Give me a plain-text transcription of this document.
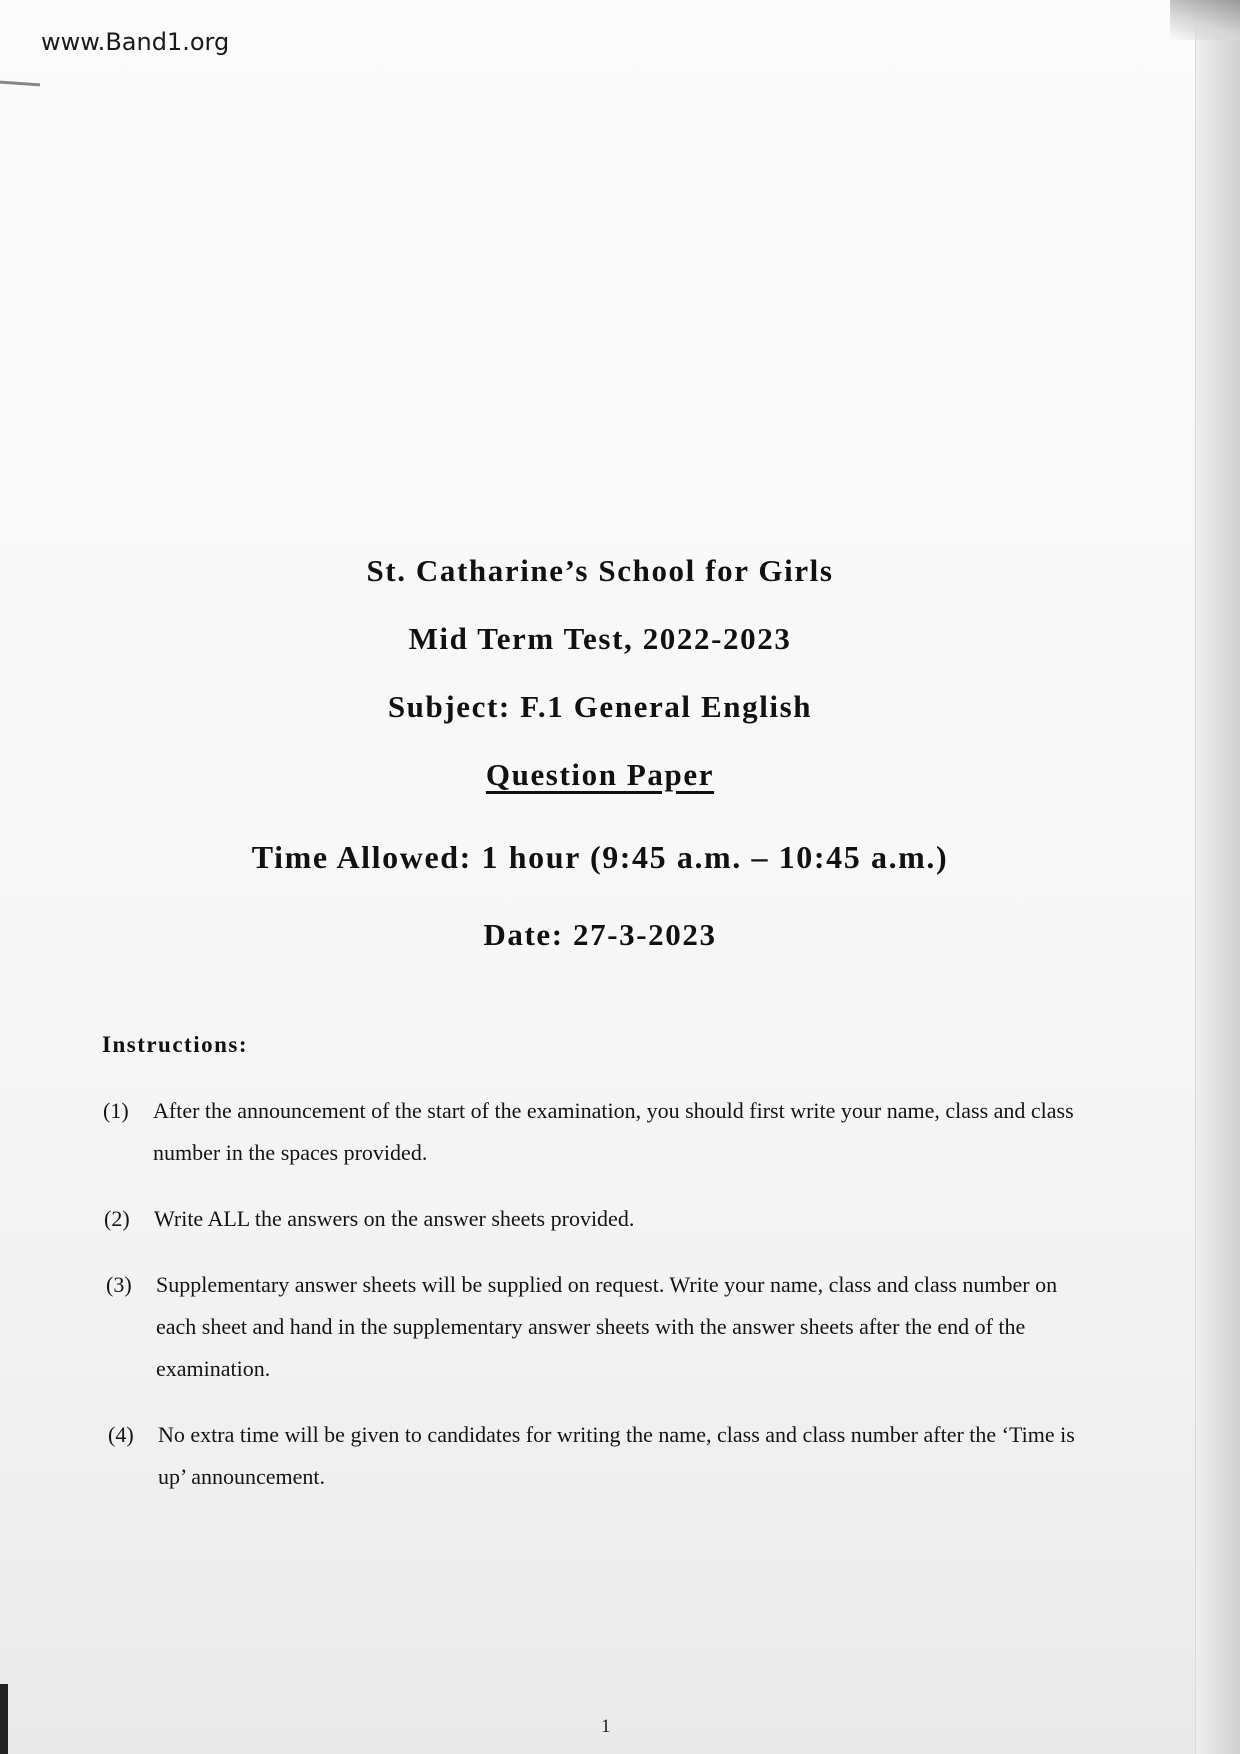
www.Band1.org
St. Catharine’s School for Girls
Mid Term Test, 2022-2023
Subject: F.1 General English
Question Paper
Time Allowed: 1 hour (9:45 a.m. – 10:45 a.m.)
Date: 27-3-2023
Instructions:
(1) After the announcement of the start of the examination, you should first write your name, class and class number in the spaces provided.
(2) Write ALL the answers on the answer sheets provided.
(3) Supplementary answer sheets will be supplied on request. Write your name, class and class number on each sheet and hand in the supplementary answer sheets with the answer sheets after the end of the examination.
(4) No extra time will be given to candidates for writing the name, class and class number after the ‘Time is up’ announcement.
1
